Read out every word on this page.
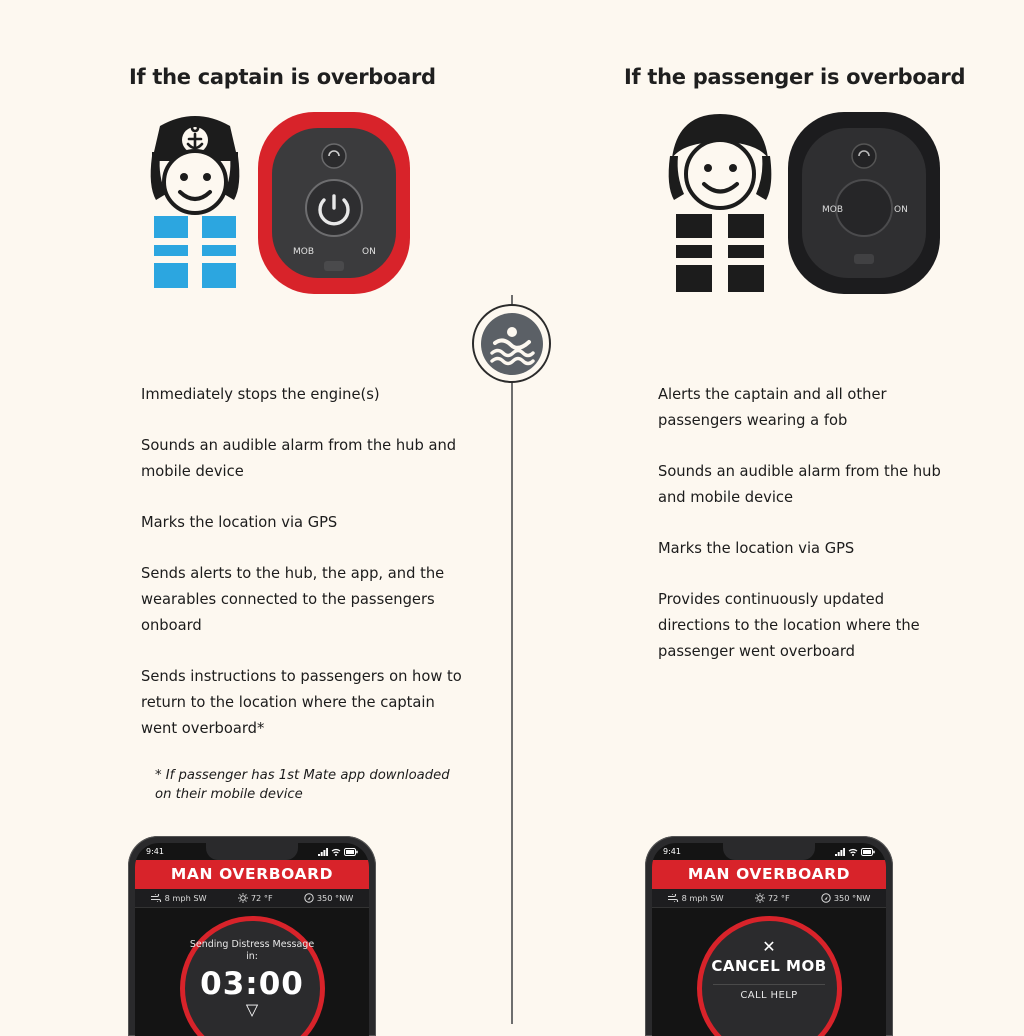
If the captain is overboard	If the passenger is overboard
MOB	ON
MOB	ON
Immediately stops the engine(s)
Sounds an audible alarm from the hub and mobile device
Marks the location via GPS
Sends alerts to the hub, the app, and the wearables connected to the passengers onboard
Sends instructions to passengers on how to return to the location where the captain went overboard*
* If passenger has 1st Mate app downloaded on their mobile device
Alerts the captain and all other passengers wearing a fob
Sounds an audible alarm from the hub and mobile device
Marks the location via GPS
Provides continuously updated directions to the location where the passenger went overboard
9:41
MAN OVERBOARD
8 mph SW	72 °F	350 °NW
Sending Distress Message in:
03:00
▽
9:41
MAN OVERBOARD
8 mph SW	72 °F	350 °NW
✕
CANCEL MOB
CALL HELP
